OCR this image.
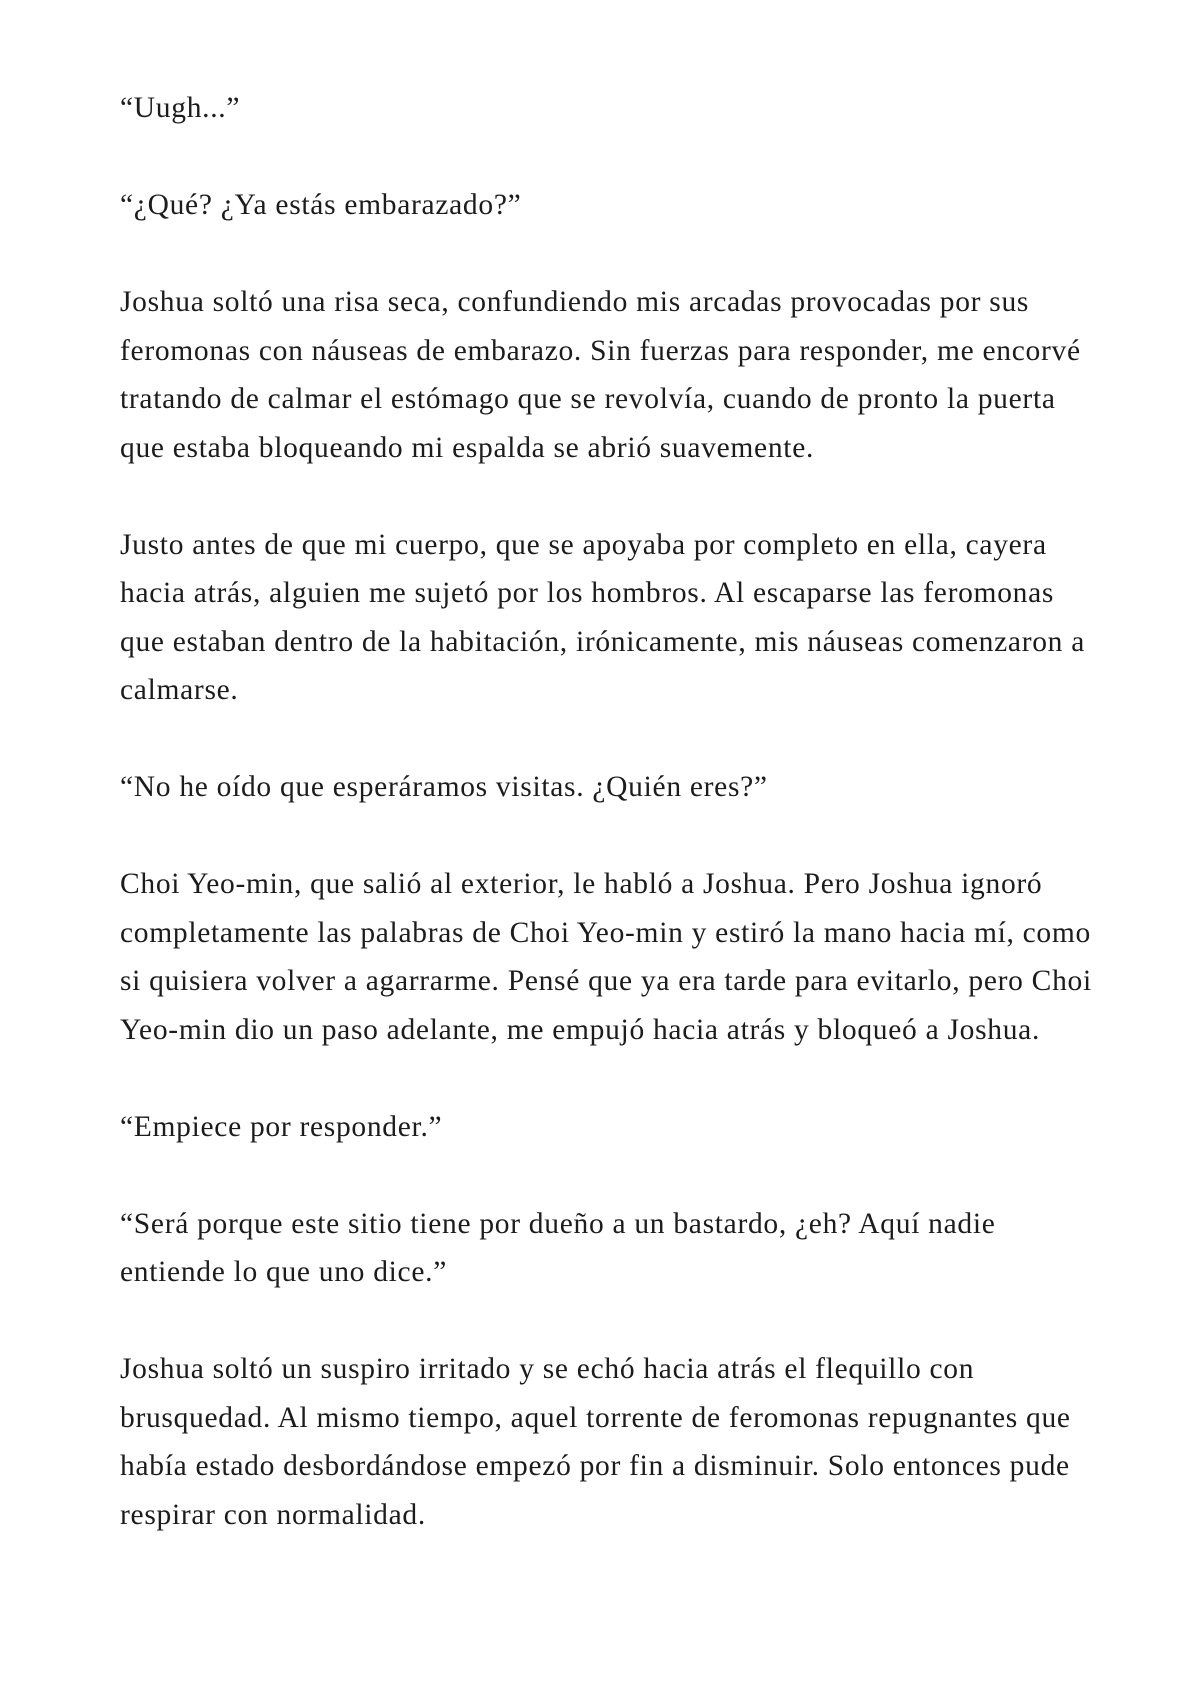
“Uugh...”

“¿Qué? ¿Ya estás embarazado?”

Joshua soltó una risa seca, confundiendo mis arcadas provocadas por sus feromonas con náuseas de embarazo. Sin fuerzas para responder, me encorvé tratando de calmar el estómago que se revolvía, cuando de pronto la puerta que estaba bloqueando mi espalda se abrió suavemente.

Justo antes de que mi cuerpo, que se apoyaba por completo en ella, cayera hacia atrás, alguien me sujetó por los hombros. Al escaparse las feromonas que estaban dentro de la habitación, irónicamente, mis náuseas comenzaron a calmarse.

“No he oído que esperáramos visitas. ¿Quién eres?”

Choi Yeo-min, que salió al exterior, le habló a Joshua. Pero Joshua ignoró completamente las palabras de Choi Yeo-min y estiró la mano hacia mí, como si quisiera volver a agarrarme. Pensé que ya era tarde para evitarlo, pero Choi Yeo-min dio un paso adelante, me empujó hacia atrás y bloqueó a Joshua.

“Empiece por responder.”

“Será porque este sitio tiene por dueño a un bastardo, ¿eh? Aquí nadie entiende lo que uno dice.”

Joshua soltó un suspiro irritado y se echó hacia atrás el flequillo con brusquedad. Al mismo tiempo, aquel torrente de feromonas repugnantes que había estado desbordándose empezó por fin a disminuir. Solo entonces pude respirar con normalidad.
